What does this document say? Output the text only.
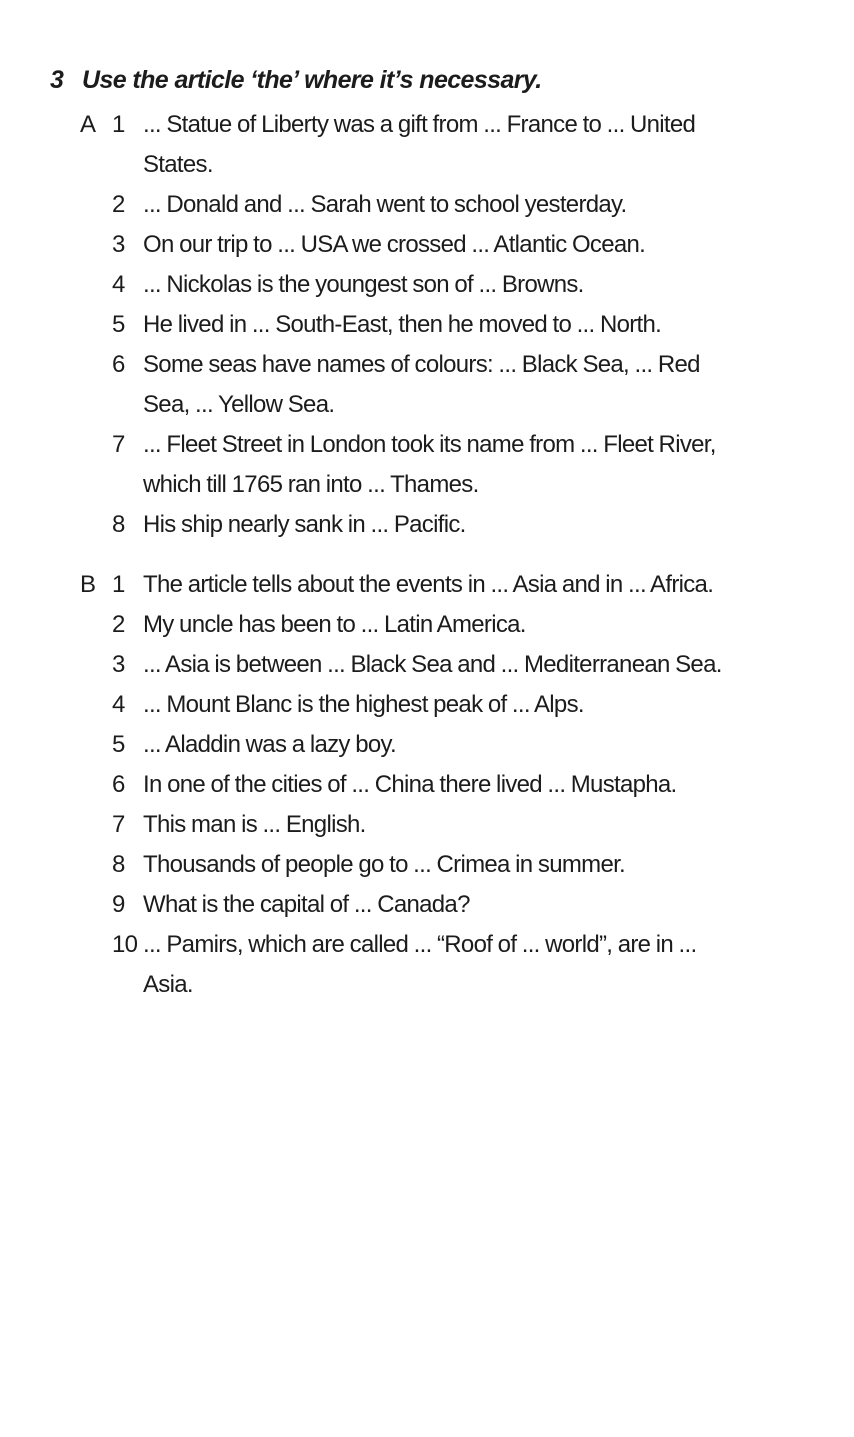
3 Use the article ‘the’ where it’s necessary.
A 1 ... Statue of Liberty was a gift from ... France to ... United States.
2 ... Donald and ... Sarah went to school yesterday.
3 On our trip to ... USA we crossed ... Atlantic Ocean.
4 ... Nickolas is the youngest son of ... Browns.
5 He lived in ... South-East, then he moved to ... North.
6 Some seas have names of colours: ... Black Sea, ... Red Sea, ... Yellow Sea.
7 ... Fleet Street in London took its name from ... Fleet River, which till 1765 ran into ... Thames.
8 His ship nearly sank in ... Pacific.
B 1 The article tells about the events in ... Asia and in ... Africa.
2 My uncle has been to ... Latin America.
3 ... Asia is between ... Black Sea and ... Mediterranean Sea.
4 ... Mount Blanc is the highest peak of ... Alps.
5 ... Aladdin was a lazy boy.
6 In one of the cities of ... China there lived ... Mustapha.
7 This man is ... English.
8 Thousands of people go to ... Crimea in summer.
9 What is the capital of ... Canada?
10 ... Pamirs, which are called ... “Roof of ... world”, are in ... Asia.
